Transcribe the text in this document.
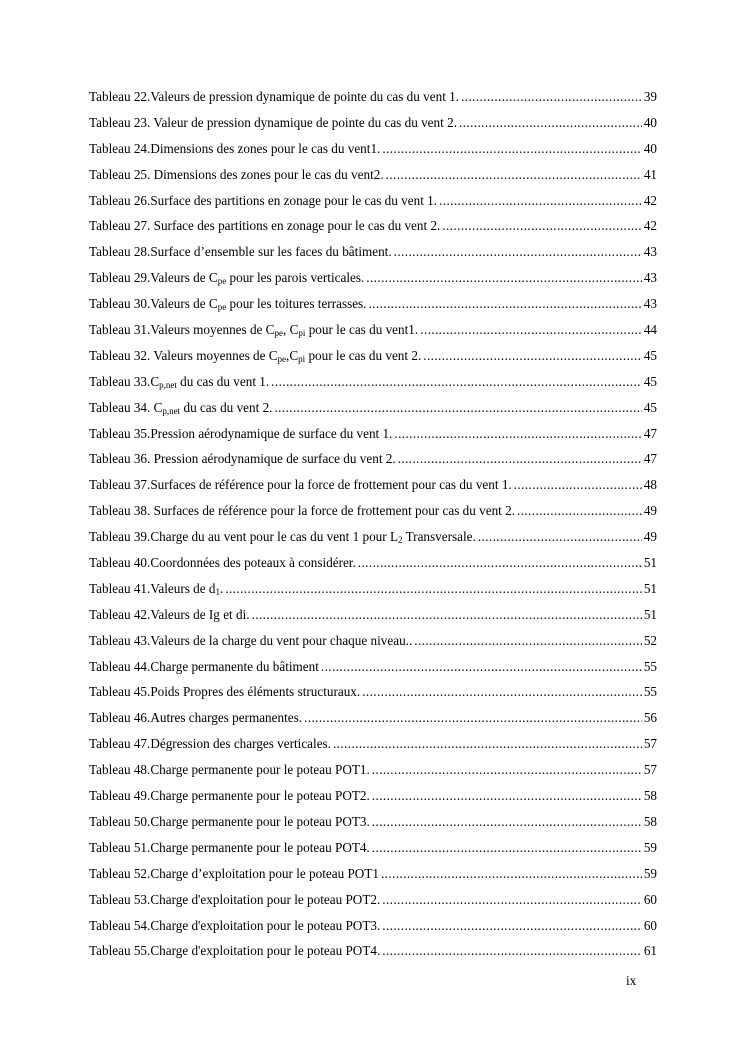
Tableau 22.Valeurs de pression dynamique de pointe du cas du vent 1. .....	39
Tableau 23. Valeur de pression dynamique de pointe du cas du vent 2. .....	40
Tableau 24.Dimensions des zones pour le cas du vent1. .....	40
Tableau 25. Dimensions des zones pour le cas du vent2. .....	41
Tableau 26.Surface des partitions en zonage pour le cas du vent 1. .....	42
Tableau 27. Surface des partitions en zonage pour le cas du vent 2. .....	42
Tableau 28.Surface d’ensemble sur les faces du bâtiment. .....	43
Tableau 29.Valeurs de $C_{pe}$ pour les parois verticales. .....	43
Tableau 30.Valeurs de $C_{pe}$ pour les toitures terrasses. .....	43
Tableau 31.Valeurs moyennes de $C_{pe}$, $C_{pi}$ pour le cas du vent1. .....	44
Tableau 32. Valeurs moyennes de $C_{pe},C_{pi}$ pour le cas du vent 2. .....	45
Tableau $33.C_{p,net}$ du cas du vent 1. .....	45
Tableau 34. $C_{p,net}$ du cas du vent 2. .....	45
Tableau 35.Pression aérodynamique de surface du vent 1. .....	47
Tableau 36. Pression aérodynamique de surface du vent 2. .....	47
Tableau 37.Surfaces de référence pour la force de frottement pour cas du vent 1. .....	48
Tableau 38. Surfaces de référence pour la force de frottement pour cas du vent 2. .....	49
Tableau 39.Charge du au vent pour le cas du vent 1 pour $L_2$ Transversale. .....	49
Tableau 40.Coordonnées des poteaux à considérer. .....	51
Tableau 41.Valeurs de $d_1$. .....	51
Tableau 42.Valeurs de Ig et di. .....	51
Tableau 43.Valeurs de la charge du vent pour chaque niveau.. .....	52
Tableau 44.Charge permanente du bâtiment .....	55
Tableau 45.Poids Propres des éléments structuraux. .....	55
Tableau 46.Autres charges permanentes. .....	56
Tableau 47.Dégression des charges verticales. .....	57
Tableau 48.Charge permanente pour le poteau POT1. .....	57
Tableau 49.Charge permanente pour le poteau POT2. .....	58
Tableau 50.Charge permanente pour le poteau POT3. .....	58
Tableau 51.Charge permanente pour le poteau POT4. .....	59
Tableau 52.Charge d’exploitation pour le poteau POT1 .....	59
Tableau 53.Charge d'exploitation pour le poteau POT2. .....	60
Tableau 54.Charge d'exploitation pour le poteau POT3. .....	60
Tableau 55.Charge d'exploitation pour le poteau POT4. .....	61
ix
